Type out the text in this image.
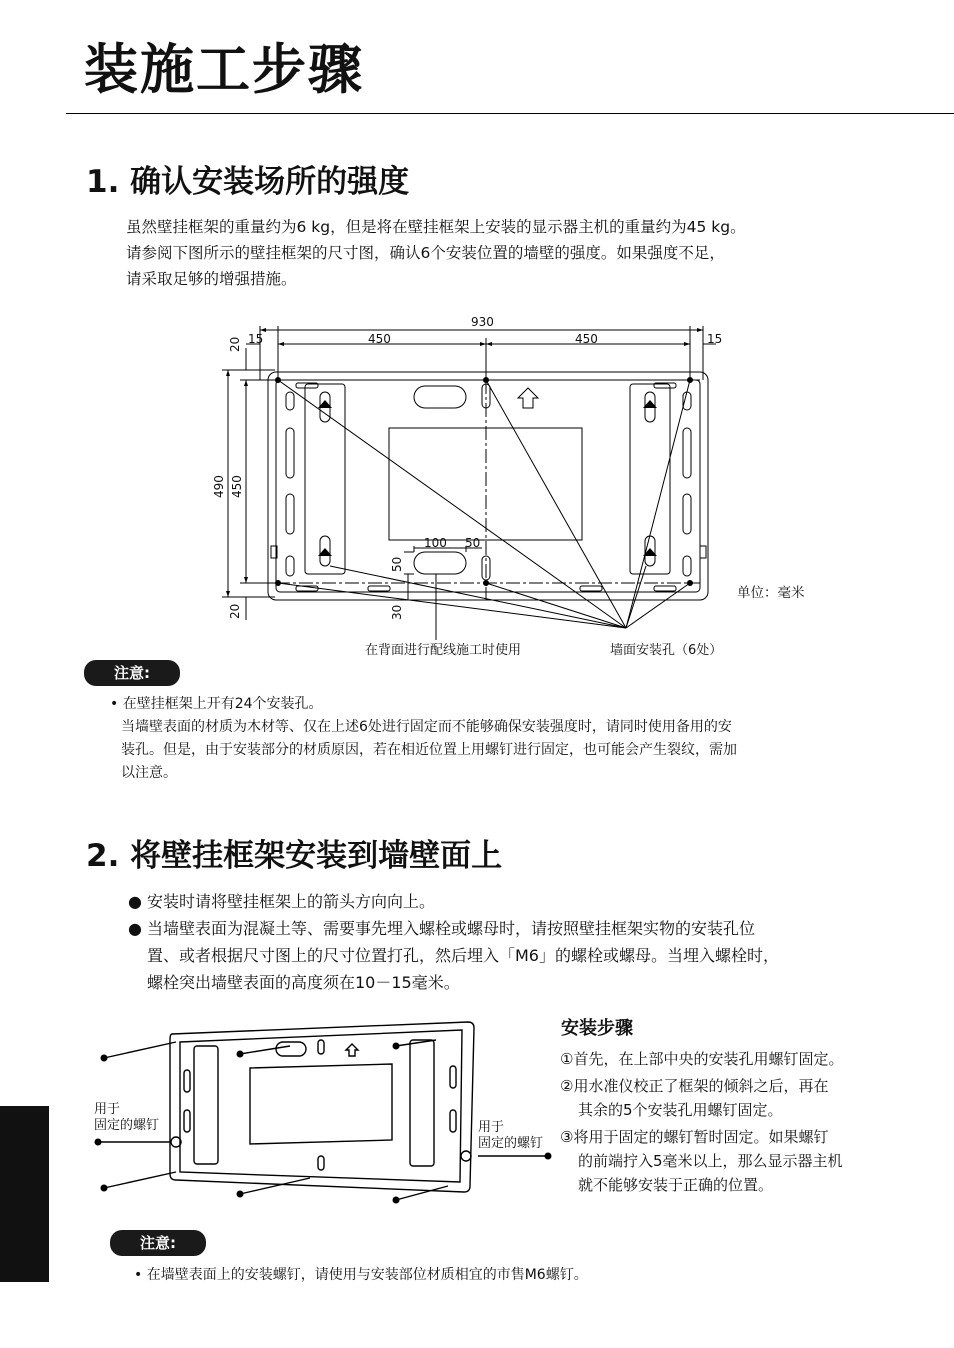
装施工步骤
1. 确认安装场所的强度

虽然壁挂框架的重量约为6 kg，但是将在壁挂框架上安装的显示器主机的重量约为45 kg。

请参阅下图所示的壁挂框架的尺寸图，确认6个安装位置的墙壁的强度。如果强度不足，

请采取足够的增强措施。

930
15	450	450	15
20
490 450
20
100 50
50
30
单位：毫米
在背面进行配线施工时使用	墙面安装孔（6处）
注意:

• 在壁挂框架上开有24个安装孔。

当墙壁表面的材质为木材等、仅在上述6处进行固定而不能够确保安装强度时，请同时使用备用的安

装孔。但是，由于安装部分的材质原因，若在相近位置上用螺钉进行固定，也可能会产生裂纹，需加

以注意。

2. 将壁挂框架安装到墙壁面上

● 安装时请将壁挂框架上的箭头方向向上。

● 当墙壁表面为混凝土等、需要事先埋入螺栓或螺母时，请按照壁挂框架实物的安装孔位

置、或者根据尺寸图上的尺寸位置打孔，然后埋入「M6」的螺栓或螺母。当埋入螺栓时，

螺栓突出墙壁表面的高度须在10－15毫米。

用于
固定的螺钉	用于
固定的螺钉
安装步骤

①首先，在上部中央的安装孔用螺钉固定。

②用水准仪校正了框架的倾斜之后，再在

其余的5个安装孔用螺钉固定。

③将用于固定的螺钉暂时固定。如果螺钉

的前端拧入5毫米以上，那么显示器主机

就不能够安装于正确的位置。

注意:

• 在墙壁表面上的安装螺钉，请使用与安装部位材质相宜的市售M6螺钉。
